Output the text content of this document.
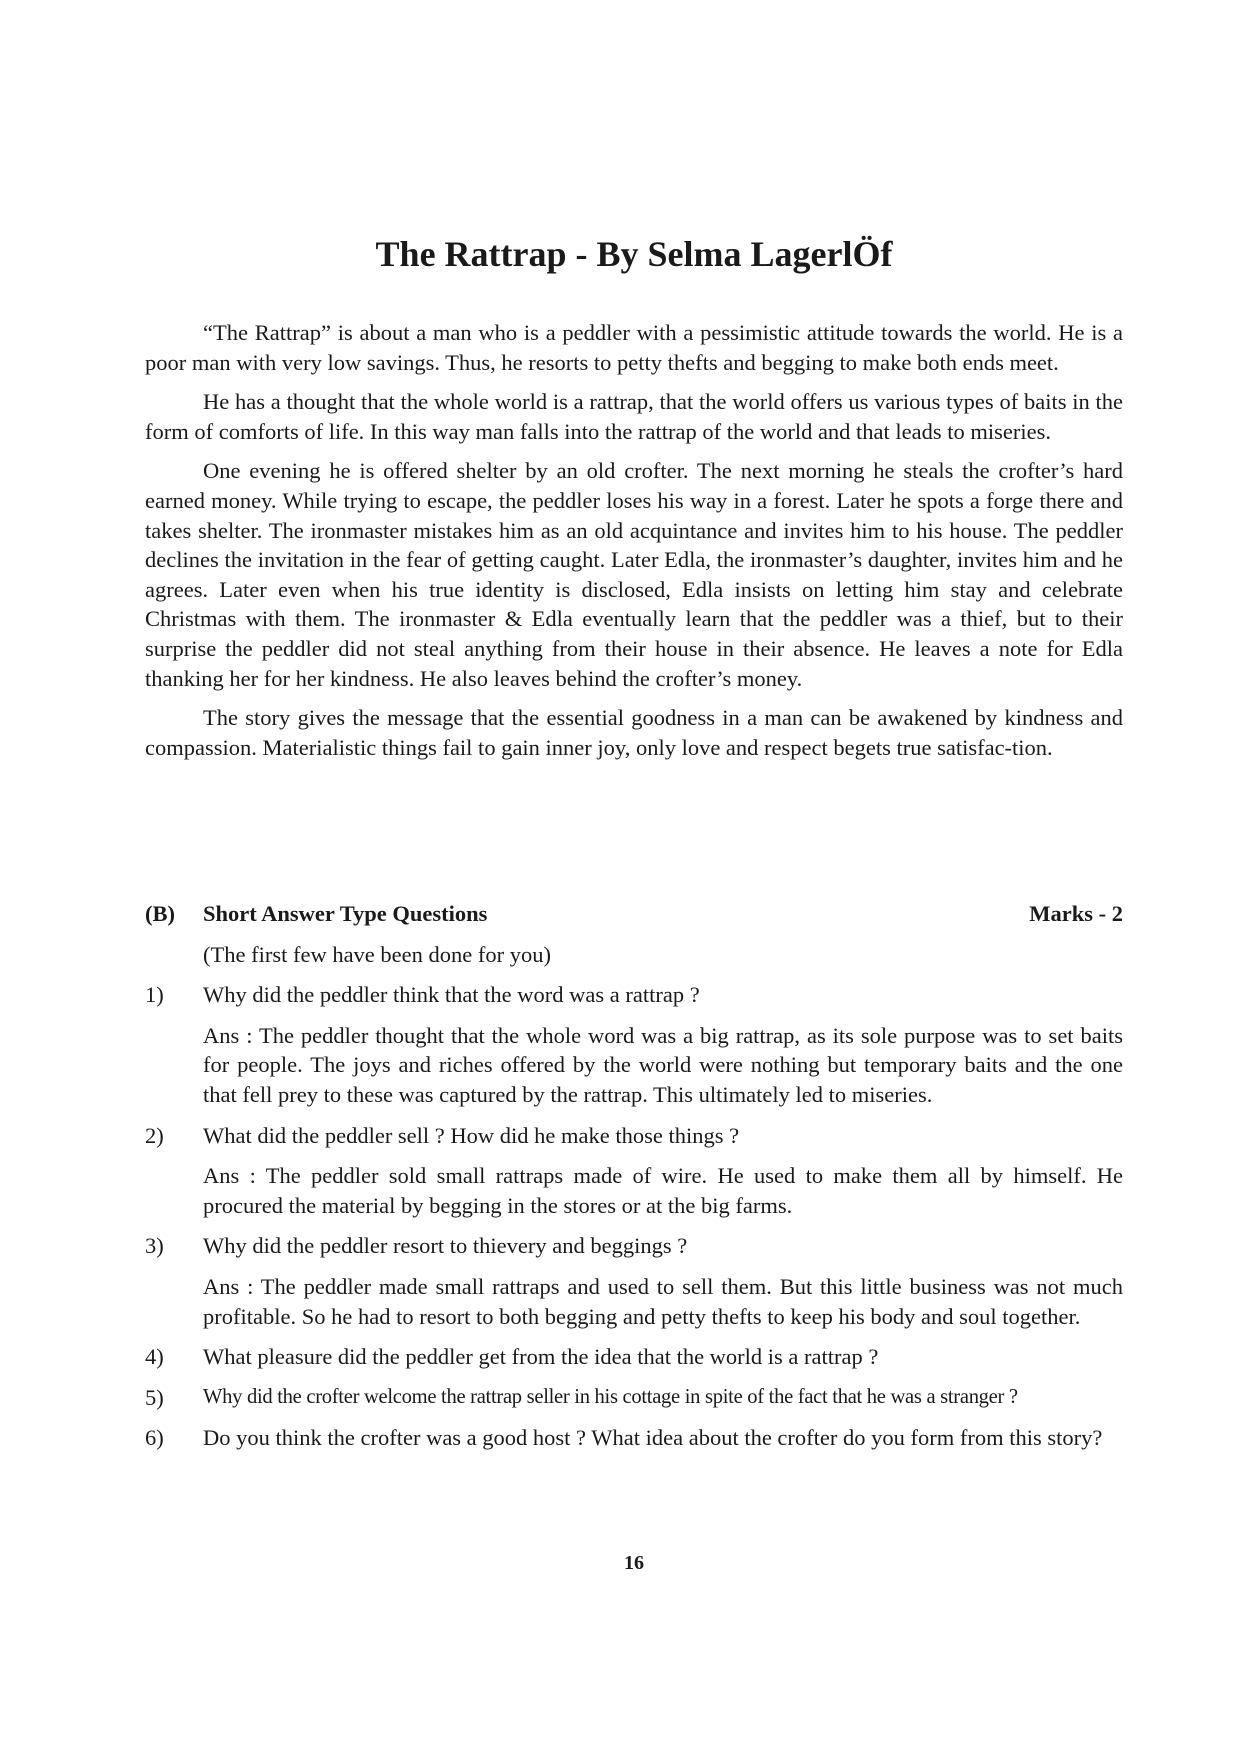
The Rattrap - By Selma LagerlÖf

“The Rattrap” is about a man who is a peddler with a pessimistic attitude towards the world. He is a poor man with very low savings. Thus, he resorts to petty thefts and begging to make both ends meet.

He has a thought that the whole world is a rattrap, that the world offers us various types of baits in the form of comforts of life. In this way man falls into the rattrap of the world and that leads to miseries.

One evening he is offered shelter by an old crofter. The next morning he steals the crofter’s hard earned money. While trying to escape, the peddler loses his way in a forest. Later he spots a forge there and takes shelter. The ironmaster mistakes him as an old acquintance and invites him to his house. The peddler declines the invitation in the fear of getting caught. Later Edla, the ironmaster’s daughter, invites him and he agrees. Later even when his true identity is disclosed, Edla insists on letting him stay and celebrate Christmas with them. The ironmaster & Edla eventually learn that the peddler was a thief, but to their surprise the peddler did not steal anything from their house in their absence. He leaves a note for Edla thanking her for her kindness. He also leaves behind the crofter’s money.

The story gives the message that the essential goodness in a man can be awakened by kindness and compassion. Materialistic things fail to gain inner joy, only love and respect begets true satisfac-tion.

(B)	Short Answer Type Questions	Marks - 2
(The first few have been done for you)
1)	Why did the peddler think that the word was a rattrap ?
Ans : The peddler thought that the whole word was a big rattrap, as its sole purpose was to set baits for people. The joys and riches offered by the world were nothing but temporary baits and the one that fell prey to these was captured by the rattrap. This ultimately led to miseries.
2)	What did the peddler sell ? How did he make those things ?
Ans : The peddler sold small rattraps made of wire. He used to make them all by himself. He procured the material by begging in the stores or at the big farms.
3)	Why did the peddler resort to thievery and beggings ?
Ans : The peddler made small rattraps and used to sell them. But this little business was not much profitable. So he had to resort to both begging and petty thefts to keep his body and soul together.
4)	What pleasure did the peddler get from the idea that the world is a rattrap ?
5)	Why did the crofter welcome the rattrap seller in his cottage in spite of the fact that he was a stranger ?
6)	Do you think the crofter was a good host ? What idea about the crofter do you form from this story?
16
